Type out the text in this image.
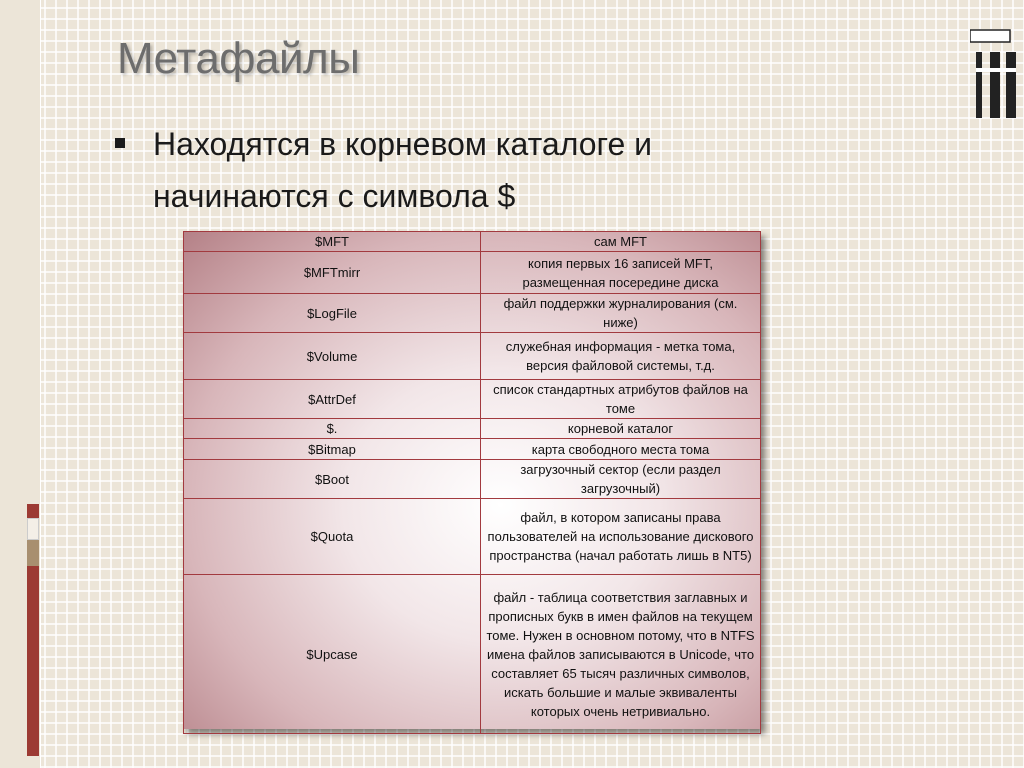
Метафайлы
Находятся в корневом каталоге и начинаются с символа $
$MFT	сам MFT
$MFTmirr	копия первых 16 записей MFT, размещенная посередине диска
$LogFile	файл поддержки журналирования (см. ниже)
$Volume	служебная информация - метка тома, версия файловой системы, т.д.
$AttrDef	список стандартных атрибутов файлов на томе
$.	корневой каталог
$Bitmap	карта свободного места тома
$Boot	загрузочный сектор (если раздел загрузочный)
$Quota	файл, в котором записаны права пользователей на использование дискового пространства (начал работать лишь в NT5)
$Upcase	файл - таблица соответствия заглавных и прописных букв в имен файлов на текущем томе. Нужен в основном потому, что в NTFS имена файлов записываются в Unicode, что составляет 65 тысяч различных символов, искать большие и малые эквиваленты которых очень нетривиально.
